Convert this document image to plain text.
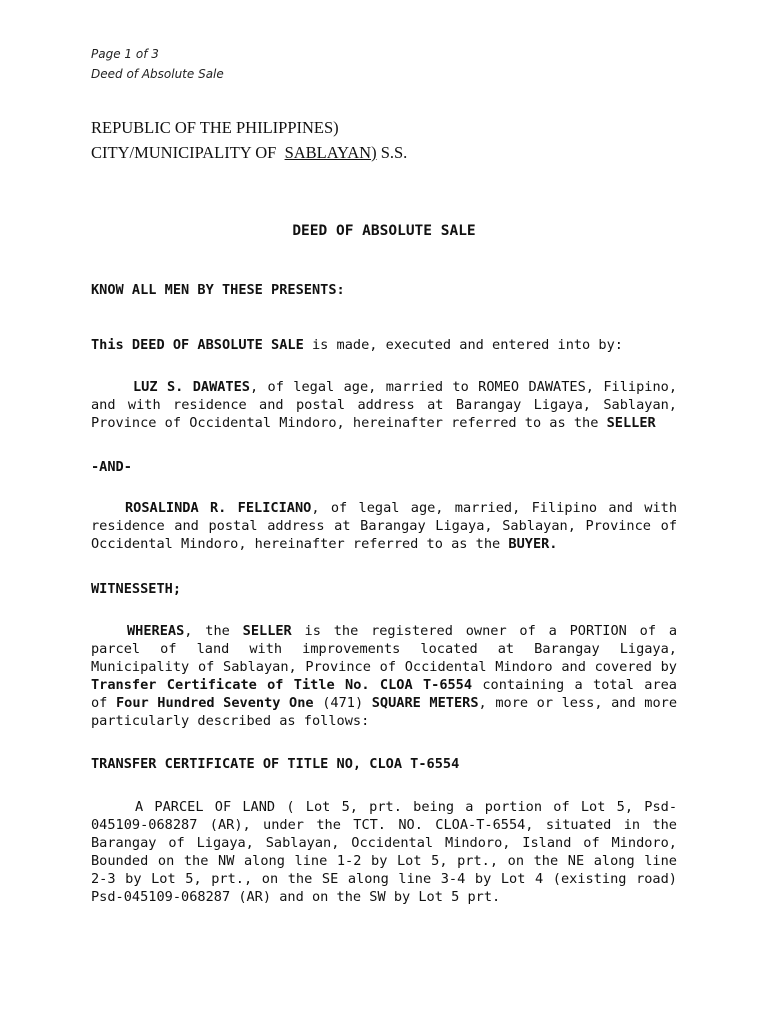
Page 1 of 3
Deed of Absolute Sale
REPUBLIC OF THE PHILIPPINES)
CITY/MUNICIPALITY OF SABLAYAN) S.S.
DEED OF ABSOLUTE SALE
KNOW ALL MEN BY THESE PRESENTS:
This DEED OF ABSOLUTE SALE is made, executed and entered into by:
LUZ S. DAWATES, of legal age, married to ROMEO DAWATES, Filipino, and with residence and postal address at Barangay Ligaya, Sablayan, Province of Occidental Mindoro, hereinafter referred to as the SELLER
-AND-
ROSALINDA R. FELICIANO, of legal age, married, Filipino and with residence and postal address at Barangay Ligaya, Sablayan, Province of Occidental Mindoro, hereinafter referred to as the BUYER.
WITNESSETH;
WHEREAS, the SELLER is the registered owner of a PORTION of a parcel of land with improvements located at Barangay Ligaya, Municipality of Sablayan, Province of Occidental Mindoro and covered by Transfer Certificate of Title No. CLOA T-6554 containing a total area of Four Hundred Seventy One (471) SQUARE METERS, more or less, and more particularly described as follows:
TRANSFER CERTIFICATE OF TITLE NO, CLOA T-6554
A PARCEL OF LAND ( Lot 5, prt. being a portion of Lot 5, Psd-045109-068287 (AR), under the TCT. NO. CLOA-T-6554, situated in the Barangay of Ligaya, Sablayan, Occidental Mindoro, Island of Mindoro, Bounded on the NW along line 1-2 by Lot 5, prt., on the NE along line 2-3 by Lot 5, prt., on the SE along line 3-4 by Lot 4 (existing road) Psd-045109-068287 (AR) and on the SW by Lot 5 prt.
